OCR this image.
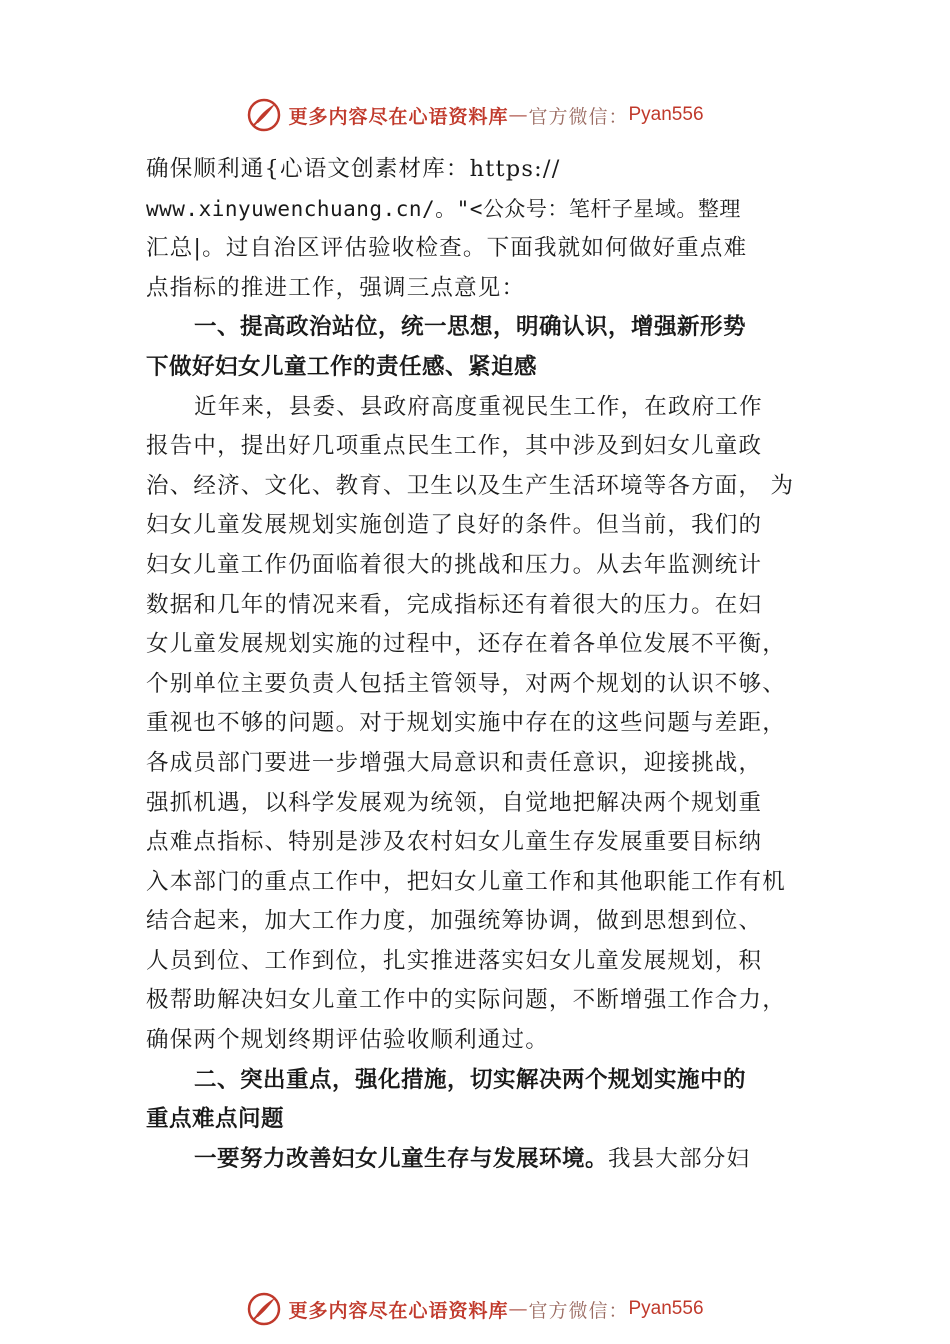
更多内容尽在心语资料库 — 官方微信： Pyan556
确保顺利通{心语文创素材库：https://
www.xinyuwenchuang.cn/。"<公众号：笔杆子星域。整理
汇总|。过自治区评估验收检查。下面我就如何做好重点难
点指标的推进工作，强调三点意见：
一、提高政治站位，统一思想，明确认识，增强新形势
下做好妇女儿童工作的责任感、紧迫感
近年来，县委、县政府高度重视民生工作，在政府工作
报告中，提出好几项重点民生工作，其中涉及到妇女儿童政
治、经济、文化、教育、卫生以及生产生活环境等各方面， 为
妇女儿童发展规划实施创造了良好的条件。但当前，我们的
妇女儿童工作仍面临着很大的挑战和压力。从去年监测统计
数据和几年的情况来看，完成指标还有着很大的压力。在妇
女儿童发展规划实施的过程中，还存在着各单位发展不平衡，
个别单位主要负责人包括主管领导，对两个规划的认识不够、
重视也不够的问题。对于规划实施中存在的这些问题与差距，
各成员部门要进一步增强大局意识和责任意识，迎接挑战，
强抓机遇，以科学发展观为统领，自觉地把解决两个规划重
点难点指标、特别是涉及农村妇女儿童生存发展重要目标纳
入本部门的重点工作中，把妇女儿童工作和其他职能工作有机
结合起来，加大工作力度，加强统筹协调，做到思想到位、
人员到位、工作到位，扎实推进落实妇女儿童发展规划，积
极帮助解决妇女儿童工作中的实际问题，不断增强工作合力，
确保两个规划终期评估验收顺利通过。
二、突出重点，强化措施，切实解决两个规划实施中的
重点难点问题
一要努力改善妇女儿童生存与发展环境。我县大部分妇
更多内容尽在心语资料库 — 官方微信： Pyan556
